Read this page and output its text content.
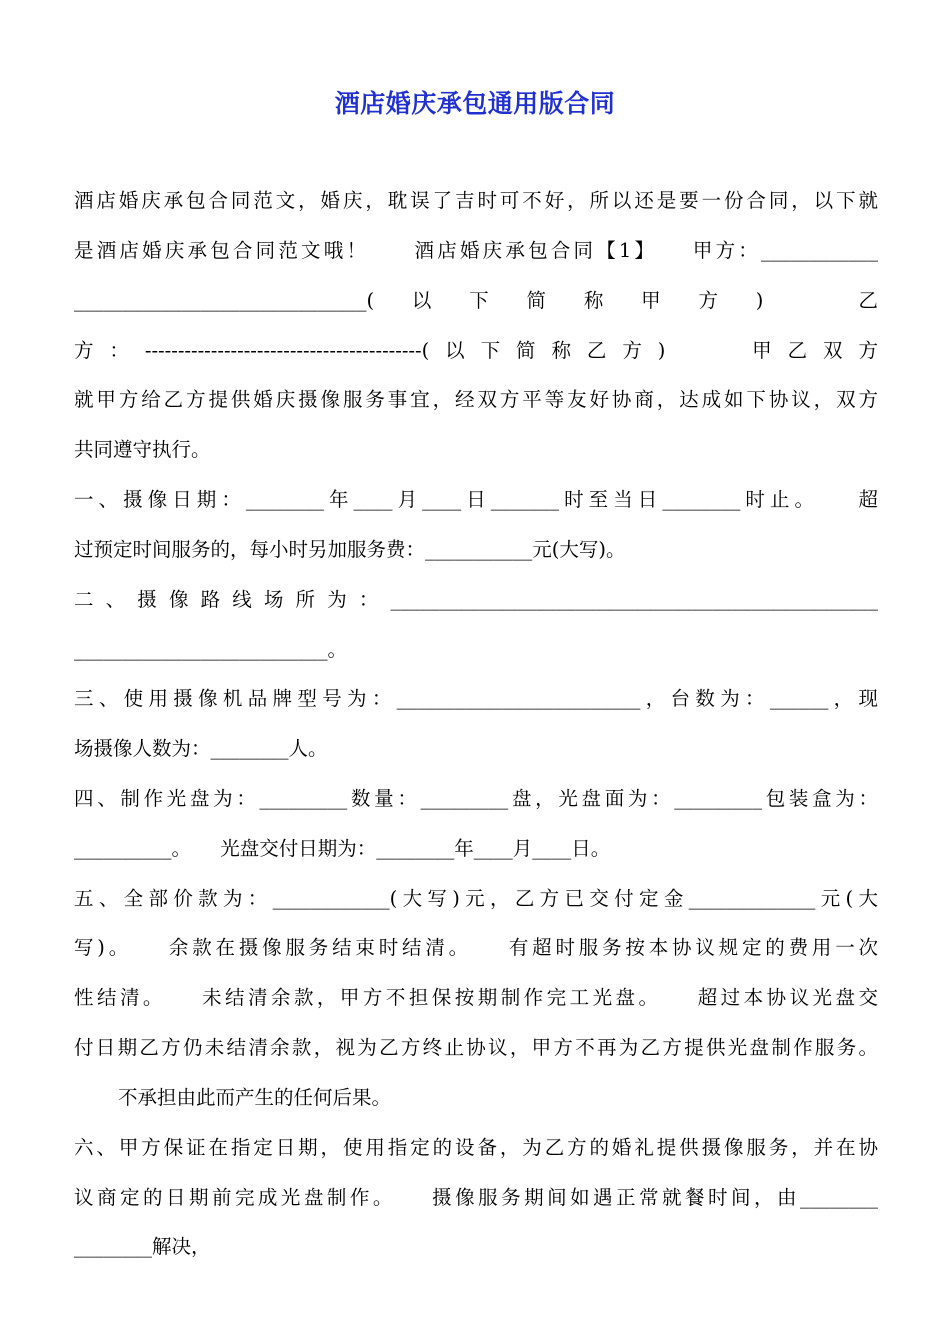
酒店婚庆承包通用版合同

酒店婚庆承包合同范文，婚庆，耽误了吉时可不好，所以还是要一份合同，以下就

是酒店婚庆承包合同范文哦！　　酒店婚庆承包合同【1】　　甲方：____________

______________________________(　以　下　简　称　甲　方　)　　　乙

方：------------------------------------------(以下简称乙方)　　甲乙双方

就甲方给乙方提供婚庆摄像服务事宜，经双方平等友好协商，达成如下协议，双方

共同遵守执行。

一、摄像日期：________年____月____日_______时至当日________时止。　　超

过预定时间服务的，每小时另加服务费：___________元(大写)。

二、摄像路线场所为：__________________________________________________

__________________________。

三、使用摄像机品牌型号为：_________________________，台数为：______，现

场摄像人数为：________人。

四、制作光盘为：_________数量：_________盘，光盘面为：_________包装盒为：

__________。　　光盘交付日期为：________年____月____日。

五、全部价款为：____________(大写)元，乙方已交付定金_____________元(大

写)。　　余款在摄像服务结束时结清。　　有超时服务按本协议规定的费用一次

性结清。　　未结清余款，甲方不担保按期制作完工光盘。　　超过本协议光盘交

付日期乙方仍未结清余款，视为乙方终止协议，甲方不再为乙方提供光盘制作服务。

不承担由此而产生的任何后果。

六、甲方保证在指定日期，使用指定的设备，为乙方的婚礼提供摄像服务，并在协

议商定的日期前完成光盘制作。　　摄像服务期间如遇正常就餐时间，由________

________解决，
